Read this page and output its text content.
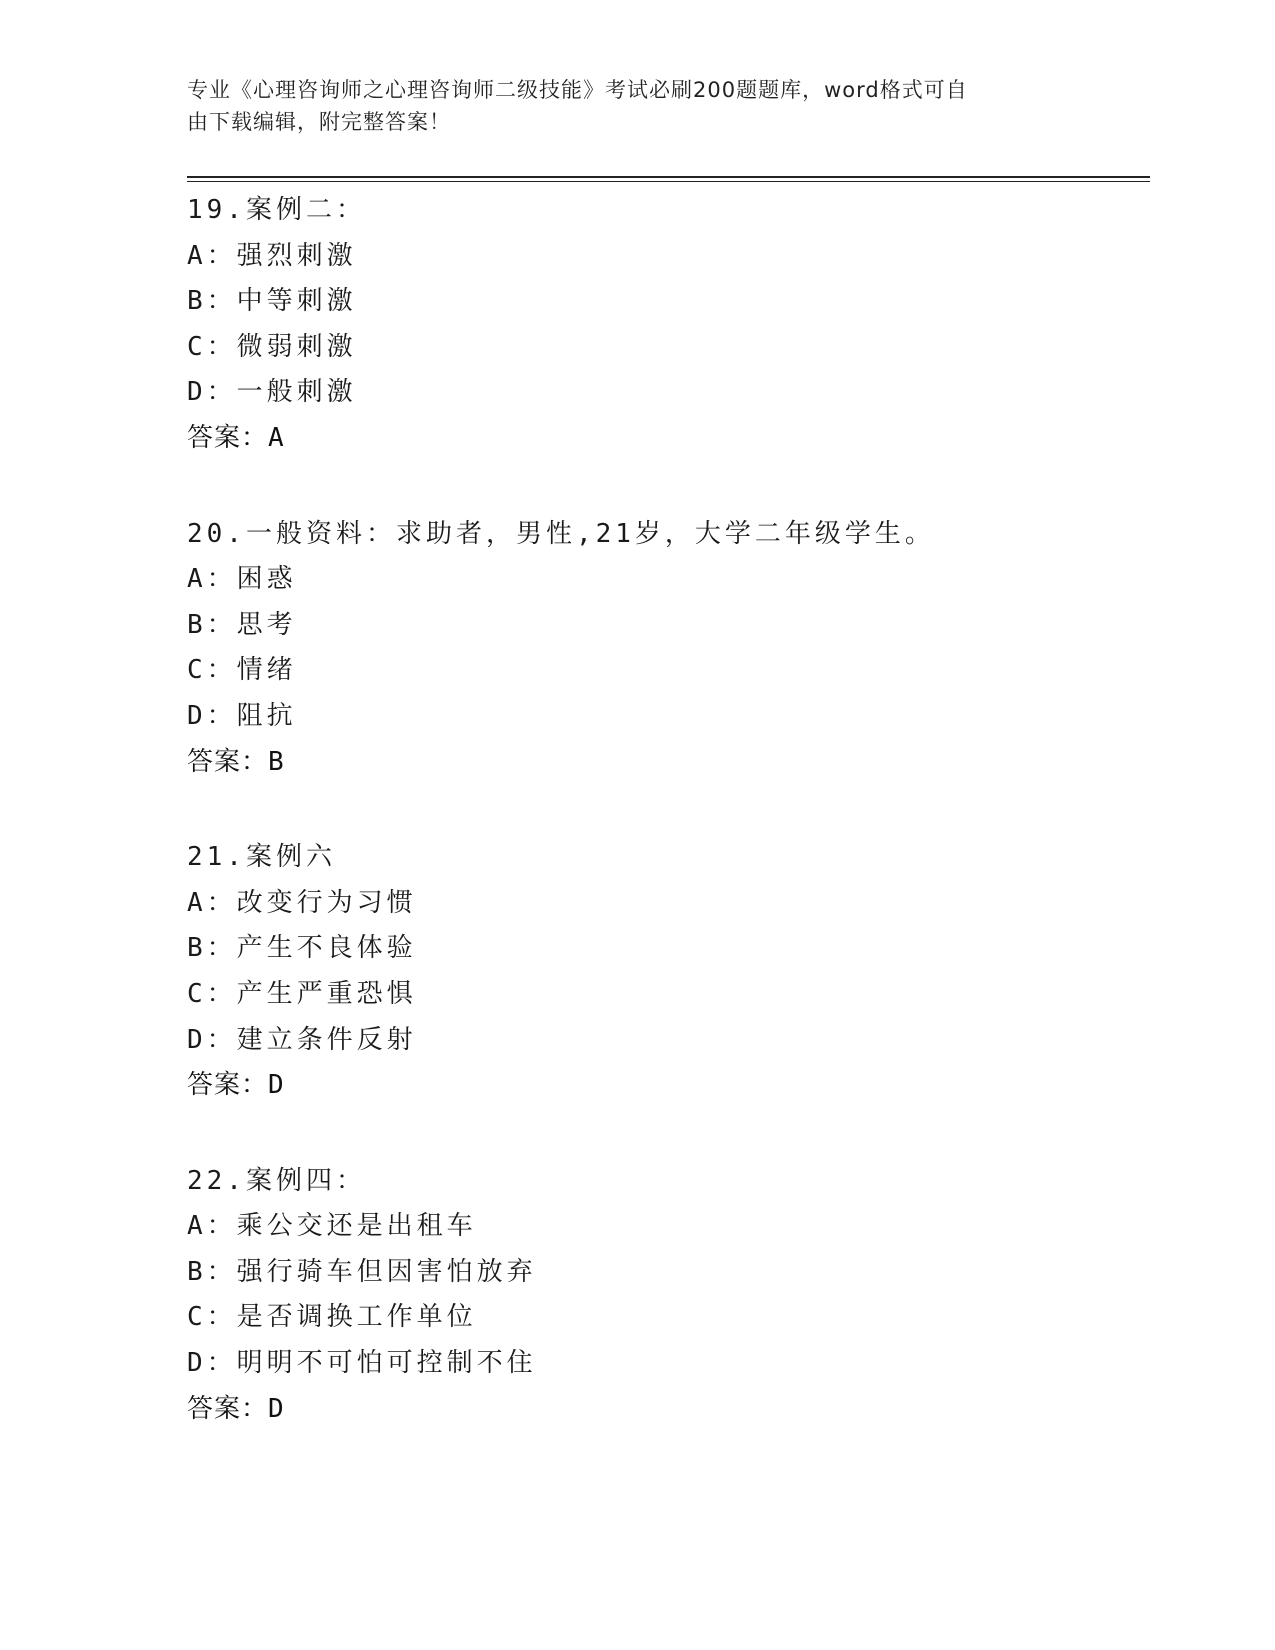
专业《心理咨询师之心理咨询师二级技能》考试必刷200题题库，word格式可自
由下载编辑，附完整答案！
19.案例二：
A：强烈刺激
B：中等刺激
C：微弱刺激
D：一般刺激
答案：A
20.一般资料：求助者，男性,21岁，大学二年级学生。
A：困惑
B：思考
C：情绪
D：阻抗
答案：B
21.案例六
A：改变行为习惯
B：产生不良体验
C：产生严重恐惧
D：建立条件反射
答案：D
22.案例四：
A：乘公交还是出租车
B：强行骑车但因害怕放弃
C：是否调换工作单位
D：明明不可怕可控制不住
答案：D
